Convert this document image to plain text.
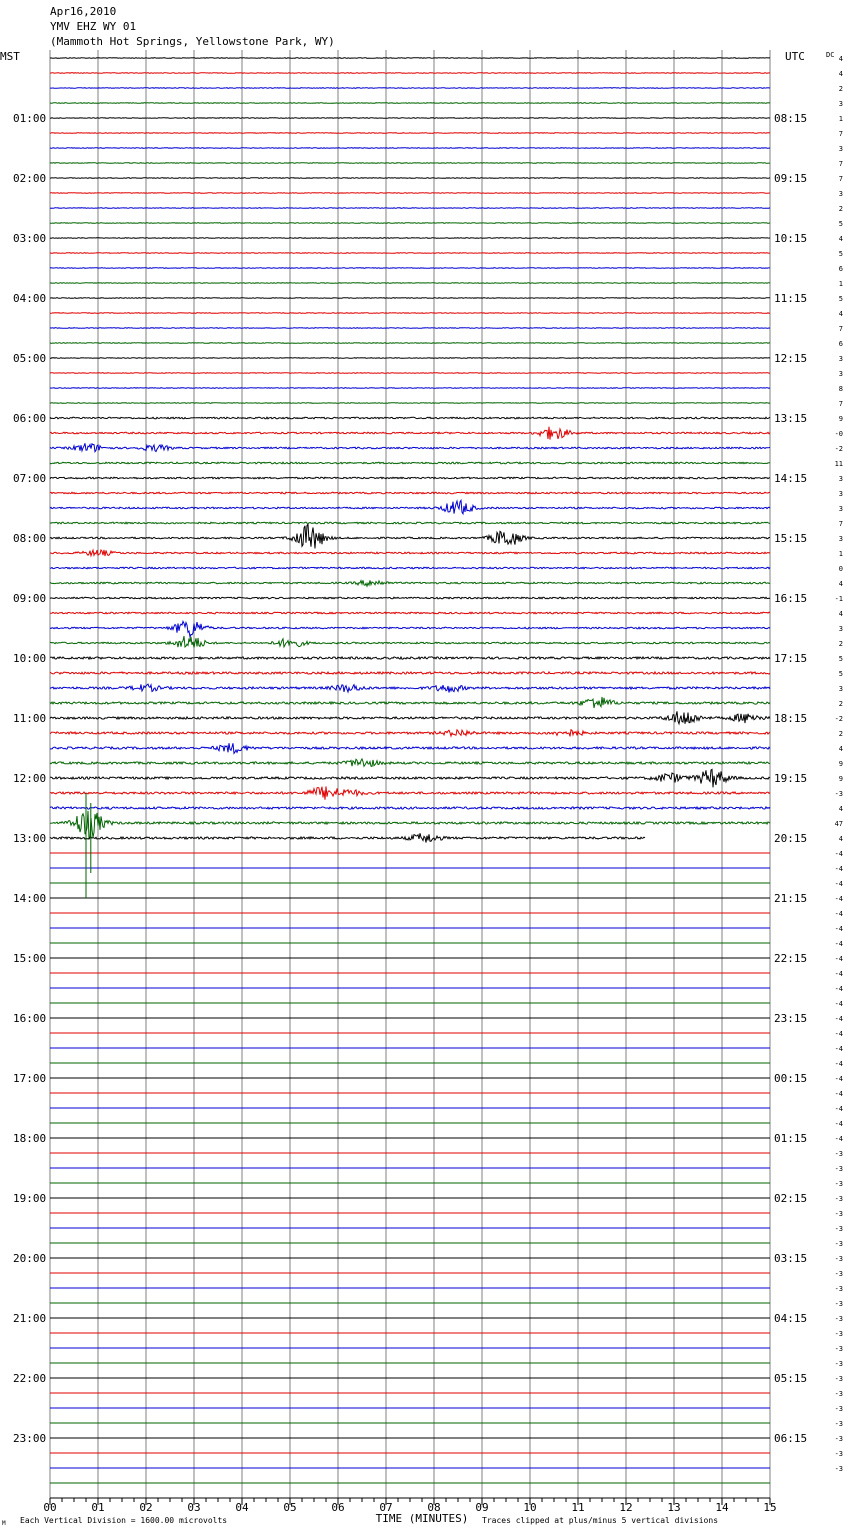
Apr16,2010
YMV EHZ WY 01
(Mammoth Hot Springs, Yellowstone Park, WY)
MST	UTC	DC
01:00
02:00
03:00
04:00
05:00
06:00
07:00
08:00
09:00
10:00
11:00
12:00
13:00
14:00
15:00
16:00
17:00
18:00
19:00
20:00
21:00
22:00
23:00
08:15
09:15
10:15
11:15
12:15
13:15
14:15
15:15
16:15
17:15
18:15
19:15
20:15
21:15
22:15
23:15
00:15
01:15
02:15
03:15
04:15
05:15
06:15
4
4
2
3
1
7
3
7
7
3
2
5
4
5
6
1
5
4
7
6
3
3
8
7
9
-0
-2
11
3
3
3
7
3
1
0
4
-1
4
3
2
5
5
3
2
-2
2
4
9
9
-3
4
47
4
-4
-4
-4
-4
-4
-4
-4
-4
-4
-4
-4
-4
-4
-4
-4
-4
-4
-4
-4
-4
-3
-3
-3
-3
-3
-3
-3
-3
-3
-3
-3
-3
-3
-3
-3
-3
-3
-3
-3
-3
-3
-3
00	01	02	03	04	05	06	07	08	09	10	11	12	13	14	15
TIME (MINUTES)
Each Vertical Division = 1600.00 microvolts	Traces clipped at plus/minus 5 vertical divisions
M
